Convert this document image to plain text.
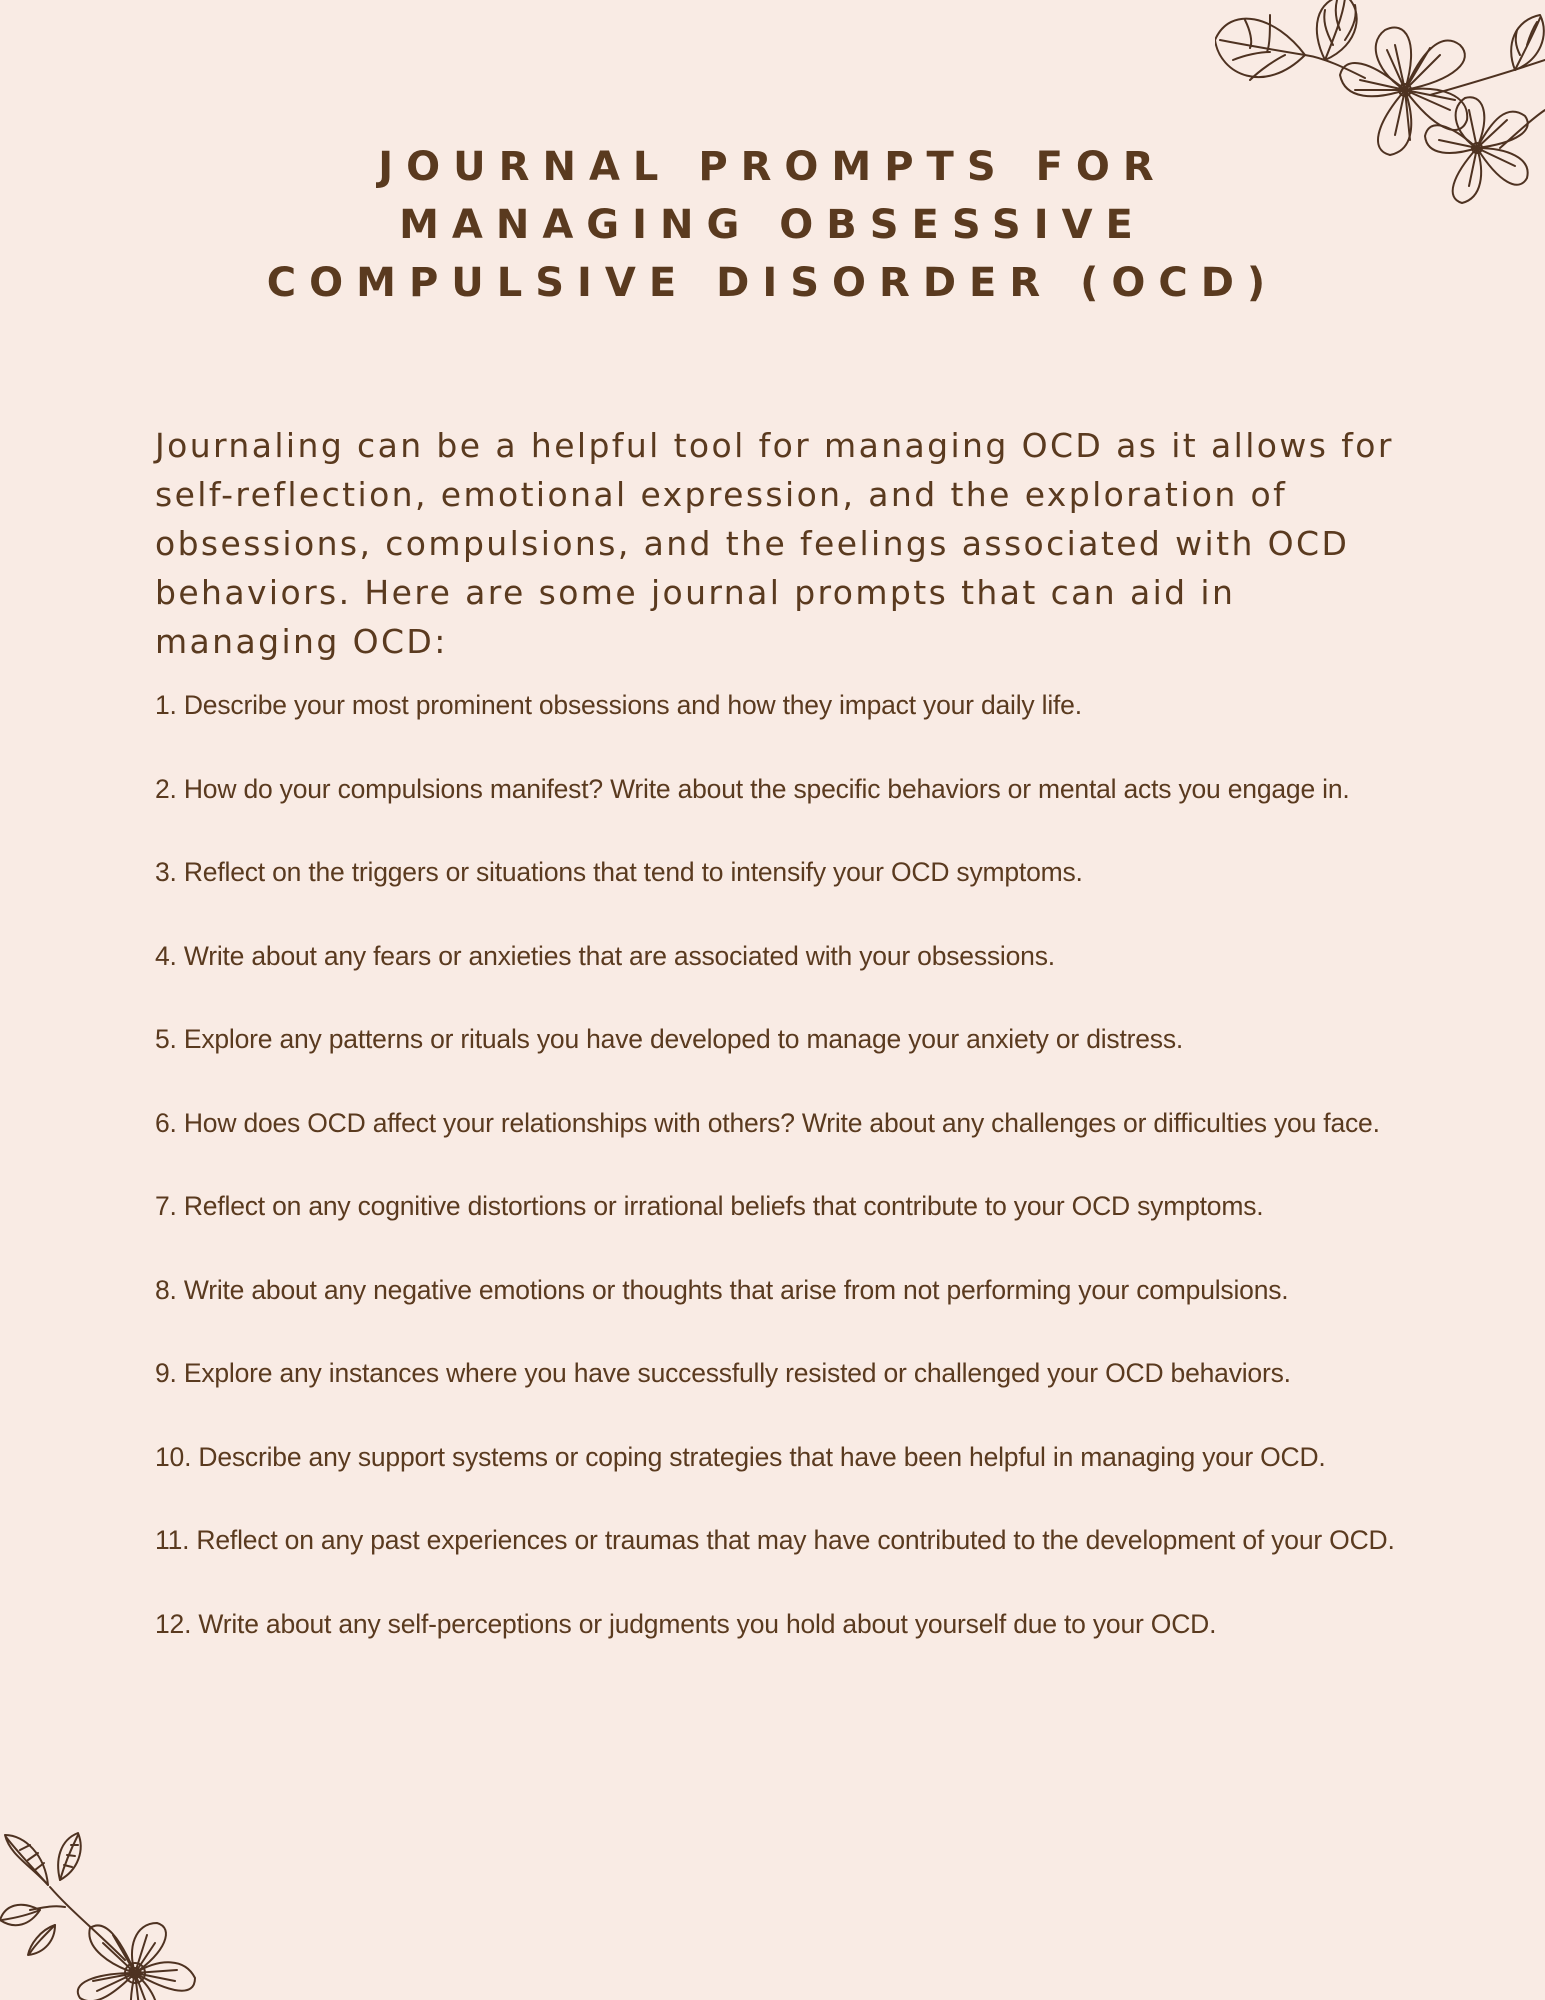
JOURNAL PROMPTS FOR
MANAGING OBSESSIVE
COMPULSIVE DISORDER (OCD)

Journaling can be a helpful tool for managing OCD as it allows for self-reflection, emotional expression, and the exploration of obsessions, compulsions, and the feelings associated with OCD behaviors. Here are some journal prompts that can aid in managing OCD:

1. Describe your most prominent obsessions and how they impact your daily life.
2. How do your compulsions manifest? Write about the specific behaviors or mental acts you engage in.
3. Reflect on the triggers or situations that tend to intensify your OCD symptoms.
4. Write about any fears or anxieties that are associated with your obsessions.
5. Explore any patterns or rituals you have developed to manage your anxiety or distress.
6. How does OCD affect your relationships with others? Write about any challenges or difficulties you face.
7. Reflect on any cognitive distortions or irrational beliefs that contribute to your OCD symptoms.
8. Write about any negative emotions or thoughts that arise from not performing your compulsions.
9. Explore any instances where you have successfully resisted or challenged your OCD behaviors.
10. Describe any support systems or coping strategies that have been helpful in managing your OCD.
11. Reflect on any past experiences or traumas that may have contributed to the development of your OCD.
12. Write about any self-perceptions or judgments you hold about yourself due to your OCD.
